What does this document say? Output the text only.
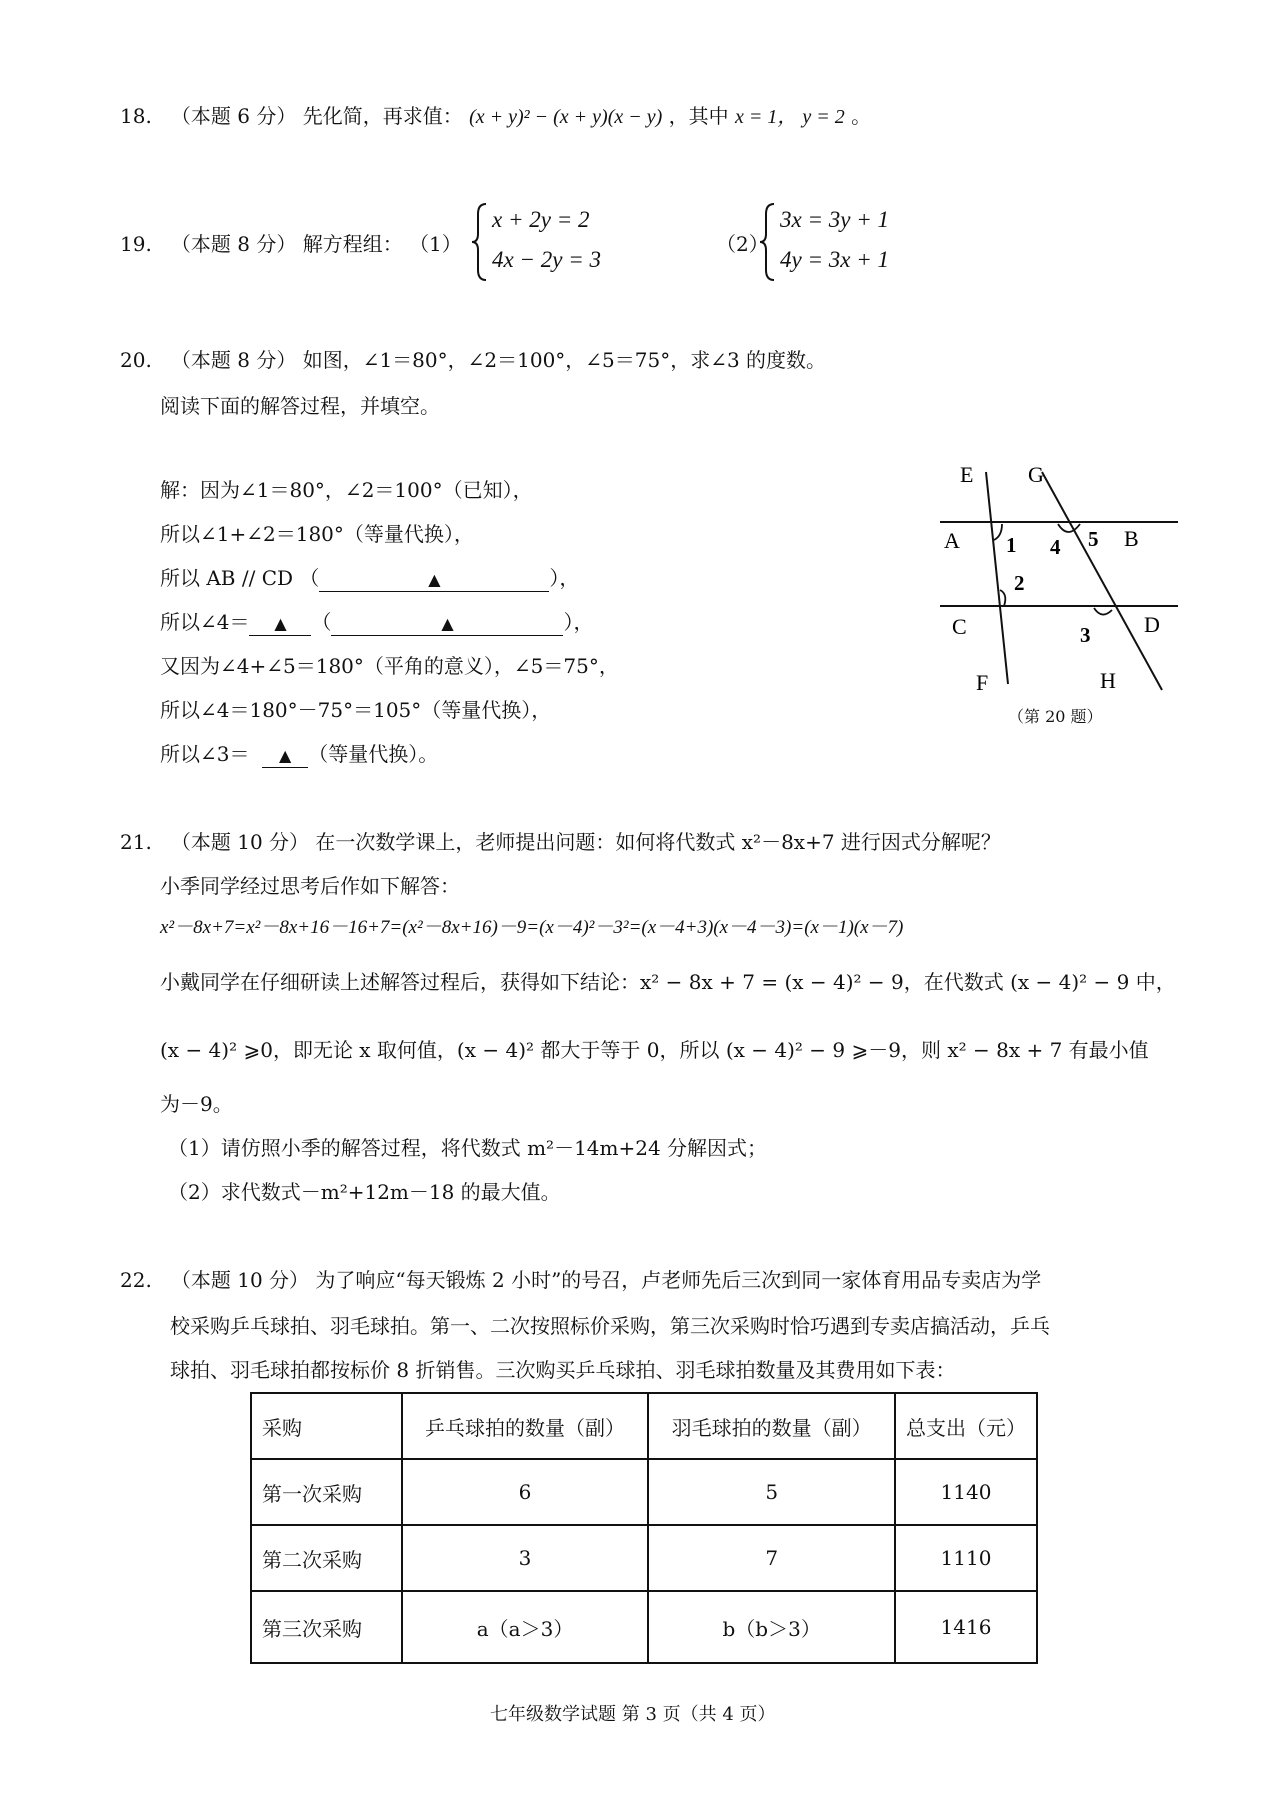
18. （本题 6 分） 先化简，再求值： (x + y)² − (x + y)(x − y) ，其中 x = 1， y = 2 。
19. （本题 8 分） 解方程组： （1）
x + 2y = 2
4x − 2y = 3
（2）
3x = 3y + 1
4y = 3x + 1
20. （本题 8 分） 如图，∠1＝80°，∠2＝100°，∠5＝75°，求∠3 的度数。
阅读下面的解答过程，并填空。
解：因为∠1＝80°，∠2＝100°（已知），
所以∠1+∠2＝180°（等量代换），
所以 AB // CD （	▲	），
所以∠4＝ ▲ （	▲	），
又因为∠4+∠5＝180°（平角的意义），∠5＝75°，
所以∠4＝180°－75°＝105°（等量代换），
所以∠3＝ ▲ （等量代换）。
E G
A	B
C	D
F	H
1
2
3
4 5
（第 20 题）
21. （本题 10 分） 在一次数学课上，老师提出问题：如何将代数式 x²－8x+7 进行因式分解呢？
小季同学经过思考后作如下解答：
x²－8x+7=x²－8x+16－16+7=(x²－8x+16)－9=(x－4)²－3²=(x－4+3)(x－4－3)=(x－1)(x－7)
小戴同学在仔细研读上述解答过程后，获得如下结论：x² − 8x + 7 = (x − 4)² − 9，在代数式 (x − 4)² − 9 中，
(x − 4)² ⩾0，即无论 x 取何值，(x − 4)² 都大于等于 0，所以 (x − 4)² − 9 ⩾－9，则 x² − 8x + 7 有最小值
为－9。
（1）请仿照小季的解答过程，将代数式 m²－14m+24 分解因式；
（2）求代数式－m²+12m－18 的最大值。
22. （本题 10 分） 为了响应“每天锻炼 2 小时”的号召，卢老师先后三次到同一家体育用品专卖店为学
校采购乒乓球拍、羽毛球拍。第一、二次按照标价采购，第三次采购时恰巧遇到专卖店搞活动，乒乓
球拍、羽毛球拍都按标价 8 折销售。三次购买乒乓球拍、羽毛球拍数量及其费用如下表：
采购	乒乓球拍的数量（副）	羽毛球拍的数量（副）	总支出（元）
第一次采购	6	5	1140
第二次采购	3	7	1110
第三次采购	a（a＞3）	b（b＞3）	1416
七年级数学试题 第 3 页（共 4 页）
